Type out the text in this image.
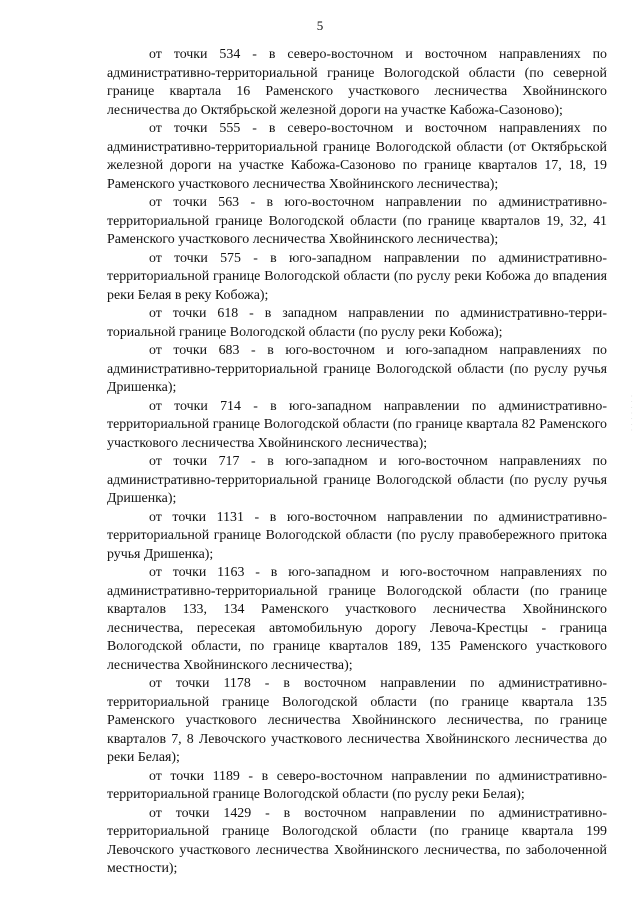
5

от точки 534 - в северо-восточном и восточном направлениях по административно-территориальной границе Вологодской области (по северной границе квартала 16 Раменского участкового лесничества Хвойнинского лесничества до Октябрьской железной дороги на участке Кабожа-Сазоново);

от точки 555 - в северо-восточном и восточном направлениях по административно-территориальной границе Вологодской области (от Октябрьской железной дороги на участке Кабожа-Сазоново по границе кварталов 17, 18, 19 Раменского участкового лесничества Хвойнинского лесничества);

от точки 563 - в юго-восточном направлении по административно-территориальной границе Вологодской области (по границе кварталов 19, 32, 41 Раменского участкового лесничества Хвойнинского лесничества);

от точки 575 - в юго-западном направлении по административно-территориальной границе Вологодской области (по руслу реки Кобожа до впадения реки Белая в реку Кобожа);

от точки 618 - в западном направлении по административно-территориальной границе Вологодской области (по руслу реки Кобожа);

от точки 683 - в юго-восточном и юго-западном направлениях по административно-территориальной границе Вологодской области (по руслу ручья Дришенка);

от точки 714 - в юго-западном направлении по административно-территориальной границе Вологодской области (по границе квартала 82 Раменского участкового лесничества Хвойнинского лесничества);

от точки 717 - в юго-западном и юго-восточном направлениях по административно-территориальной границе Вологодской области (по руслу ручья Дришенка);

от точки 1131 - в юго-восточном направлении по административно-территориальной границе Вологодской области (по руслу правобережного притока ручья Дришенка);

от точки 1163 - в юго-западном и юго-восточном направлениях по административно-территориальной границе Вологодской области (по границе кварталов 133, 134 Раменского участкового лесничества Хвойнинского лесничества, пересекая автомобильную дорогу Левоча-Крестцы - граница Вологодской области, по границе кварталов 189, 135 Раменского участкового лесничества Хвойнинского лесничества);

от точки 1178 - в восточном направлении по административно-территориальной границе Вологодской области (по границе квартала 135 Раменского участкового лесничества Хвойнинского лесничества, по границе кварталов 7, 8 Левочского участкового лесничества Хвойнинского лесничества до реки Белая);

от точки 1189 - в северо-восточном направлении по административно-территориальной границе Вологодской области (по руслу реки Белая);

от точки 1429 - в восточном направлении по административно-территориальной границе Вологодской области (по границе квартала 199 Левочского участкового лесничества Хвойнинского лесничества, по заболоченной местности);

· · · · · · ·
